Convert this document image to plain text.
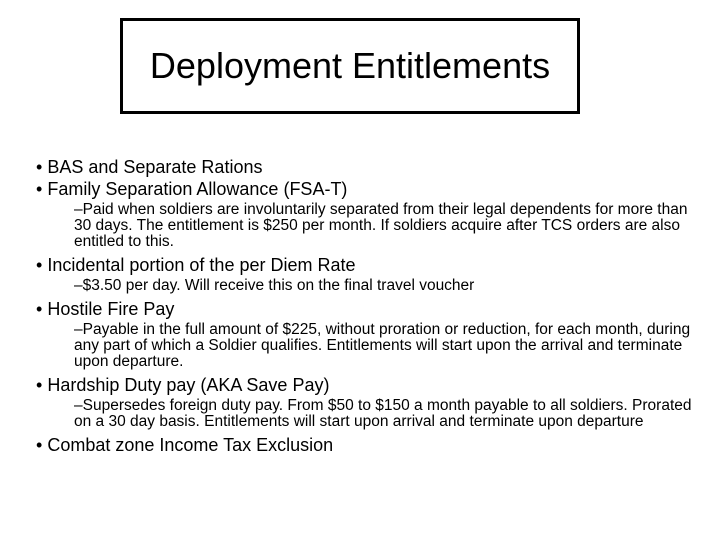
Deployment Entitlements

• BAS and Separate Rations

• Family Separation Allowance (FSA-T)

–Paid when soldiers are involuntarily separated from their legal dependents for more than 30 days. The entitlement is $250 per month. If soldiers acquire after TCS orders are also entitled to this.

• Incidental portion of the per Diem Rate

–$3.50 per day. Will receive this on the final travel voucher

• Hostile Fire Pay

–Payable in the full amount of $225, without proration or reduction, for each month, during any part of which a Soldier qualifies. Entitlements will start upon the arrival and terminate upon departure.

• Hardship Duty pay (AKA Save Pay)

–Supersedes foreign duty pay. From $50 to $150 a month payable to all soldiers. Prorated on a 30 day basis. Entitlements will start upon arrival and terminate upon departure

• Combat zone Income Tax Exclusion
